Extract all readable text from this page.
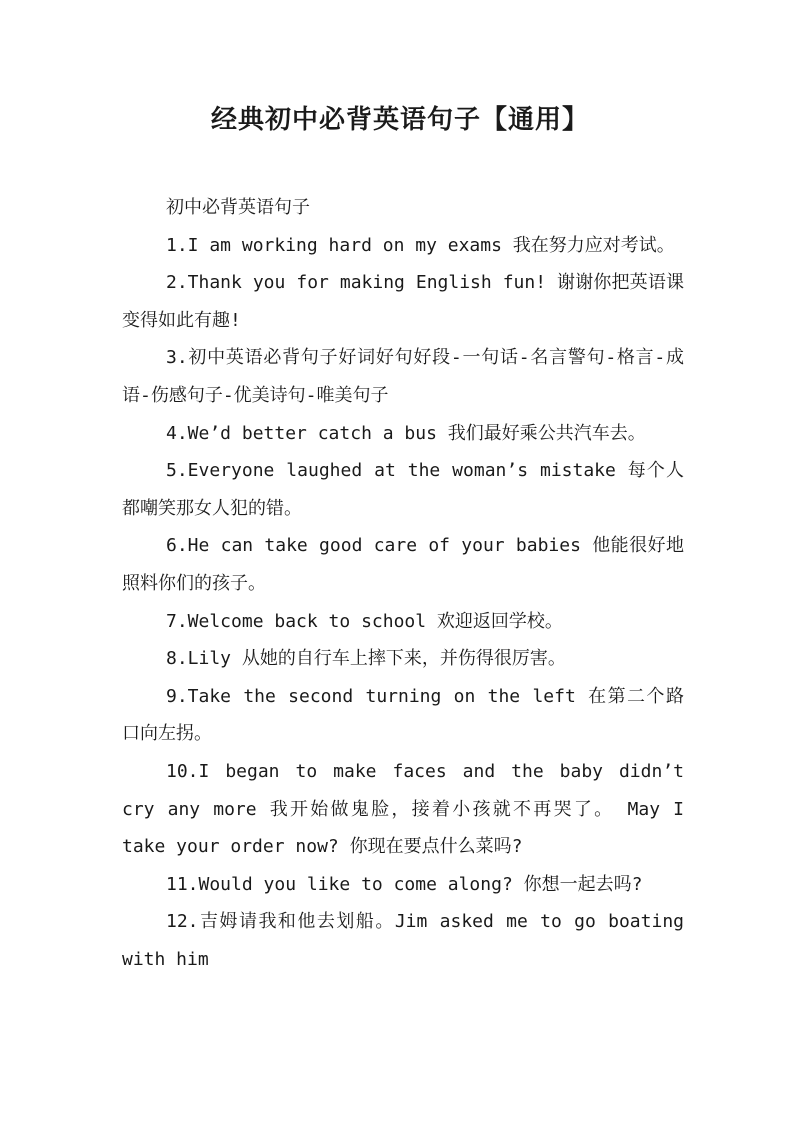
经典初中必背英语句子【通用】

初中必背英语句子

1.I am working hard on my exams 我在努力应对考试。

2.Thank you for making English fun! 谢谢你把英语课变得如此有趣!

3.初中英语必背句子好词好句好段-一句话-名言警句-格言-成语-伤感句子-优美诗句-唯美句子

4.We’d better catch a bus 我们最好乘公共汽车去。

5.Everyone laughed at the woman’s mistake 每个人都嘲笑那女人犯的错。

6.He can take good care of your babies 他能很好地照料你们的孩子。

7.Welcome back to school 欢迎返回学校。

8.Lily 从她的自行车上摔下来，并伤得很厉害。

9.Take the second turning on the left 在第二个路口向左拐。

10.I began to make faces and the baby didn’t cry any more 我开始做鬼脸，接着小孩就不再哭了。 May I take your order now? 你现在要点什么菜吗?

11.Would you like to come along? 你想一起去吗?

12.吉姆请我和他去划船。Jim asked me to go boating with him
